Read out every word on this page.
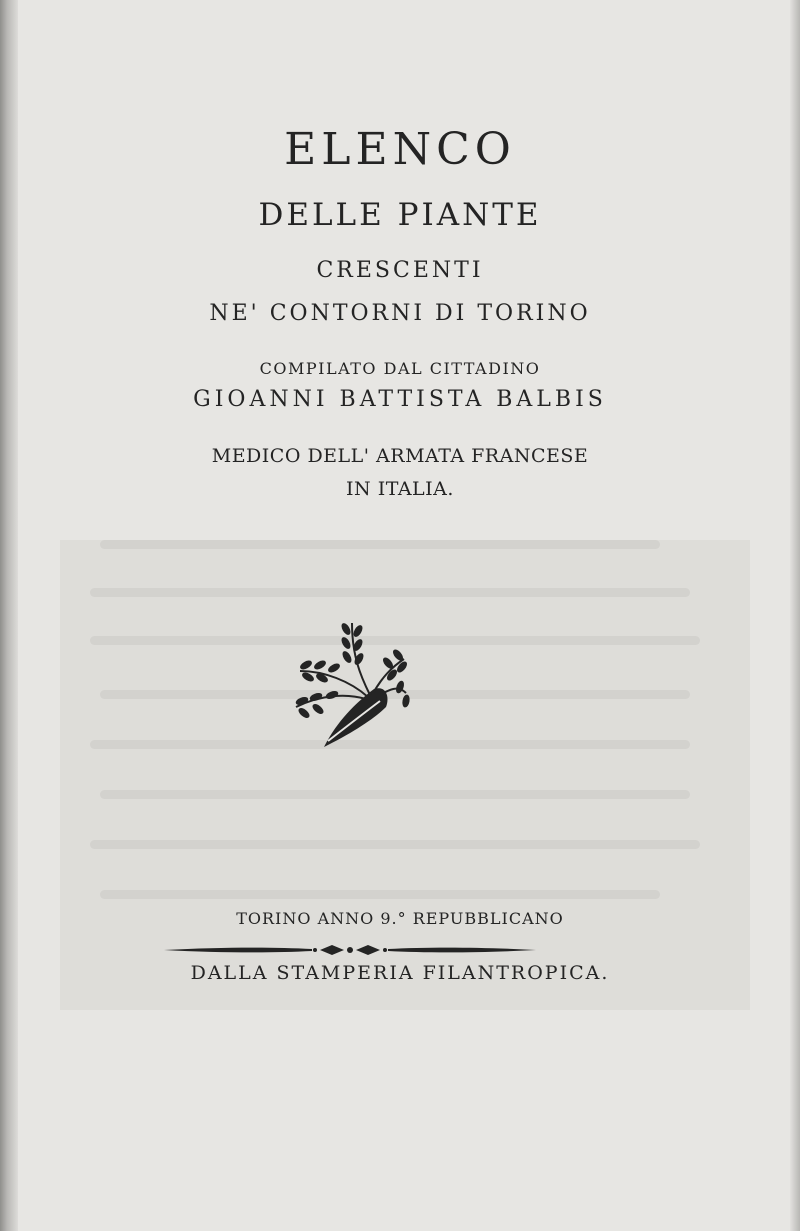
ELENCO
DELLE PIANTE
CRESCENTI
NE' CONTORNI DI TORINO
COMPILATO DAL CITTADINO
GIOANNI BATTISTA BALBIS
MEDICO DELL' ARMATA FRANCESE
IN ITALIA.
TORINO ANNO 9.° REPUBBLICANO
DALLA STAMPERIA FILANTROPICA.
